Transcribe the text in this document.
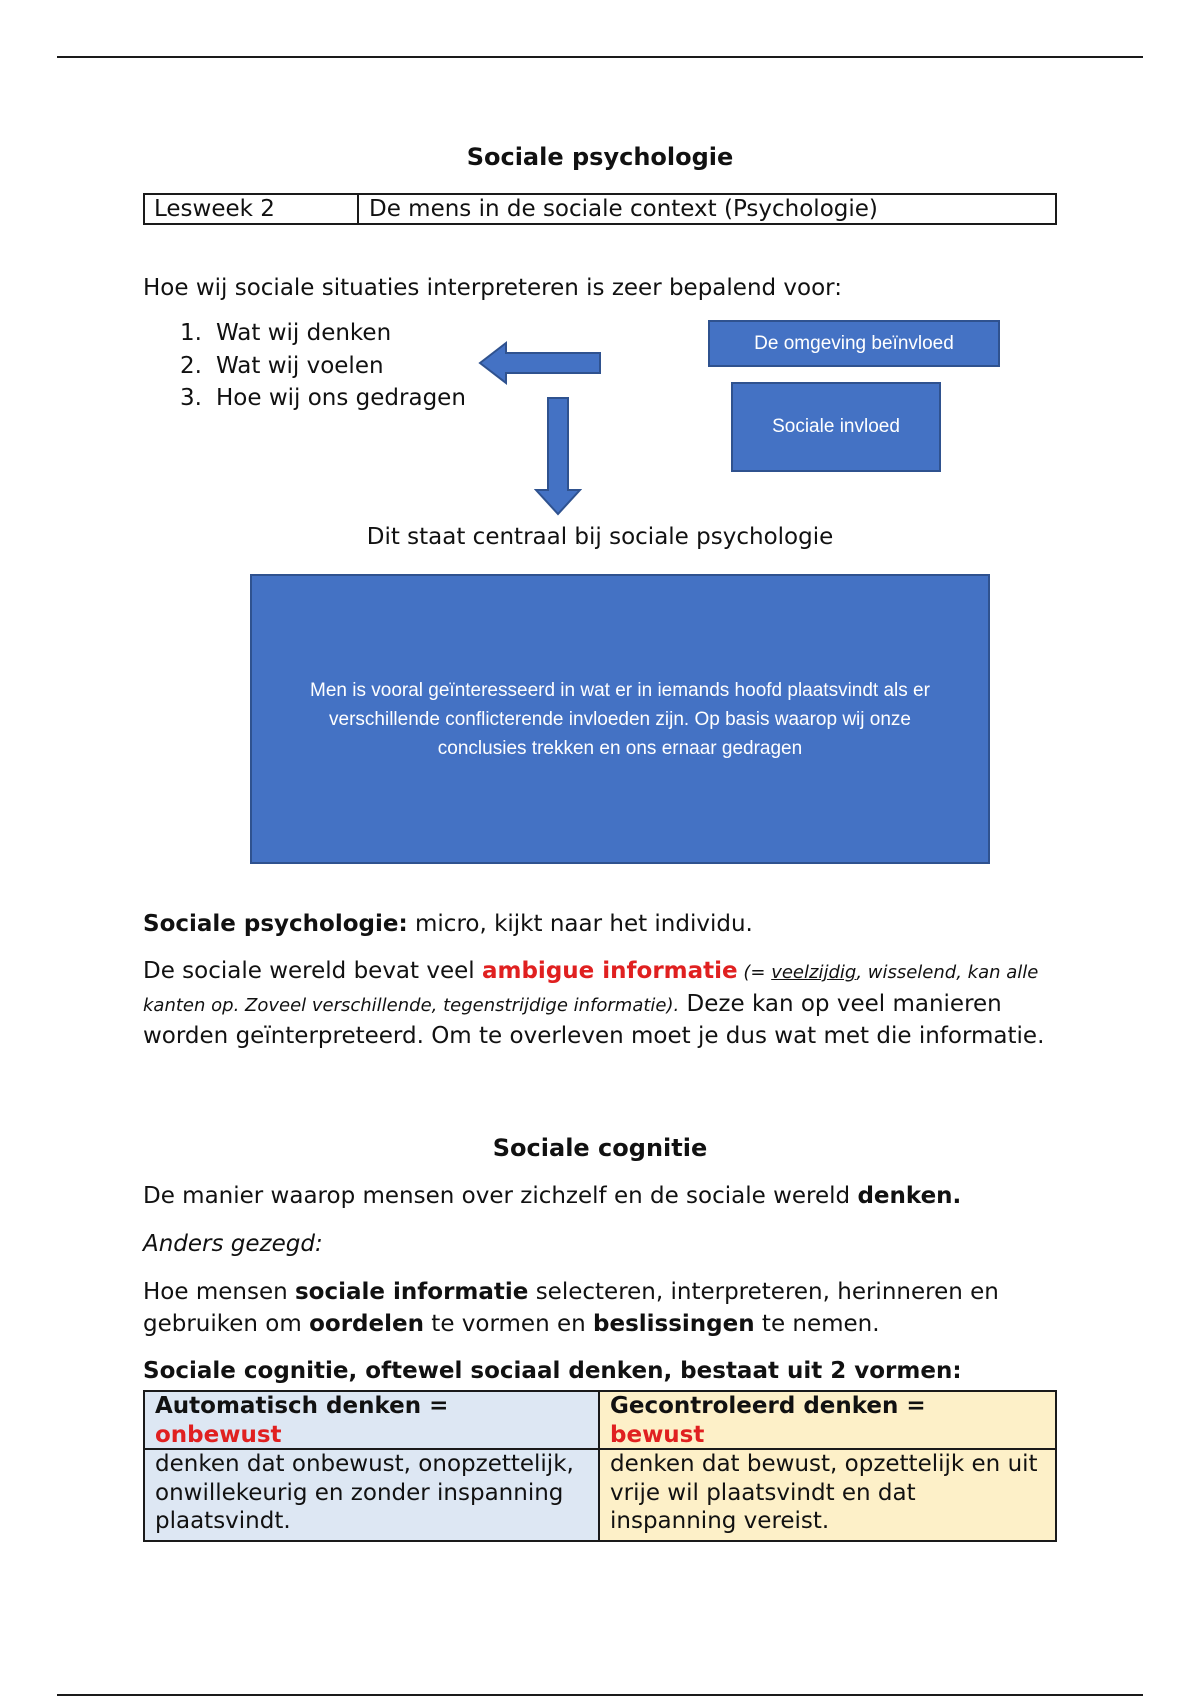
Sociale psychologie
Lesweek 2	De mens in de sociale context (Psychologie)
Hoe wij sociale situaties interpreteren is zeer bepalend voor:
1. Wat wij denken
2. Wat wij voelen
3. Hoe wij ons gedragen
De omgeving beïnvloed
Sociale invloed
Dit staat centraal bij sociale psychologie
Men is vooral geïnteresseerd in wat er in iemands hoofd plaatsvindt als er verschillende conflicterende invloeden zijn. Op basis waarop wij onze conclusies trekken en ons ernaar gedragen
Sociale psychologie: micro, kijkt naar het individu.
De sociale wereld bevat veel ambigue informatie (= veelzijdig, wisselend, kan alle kanten op. Zoveel verschillende, tegenstrijdige informatie). Deze kan op veel manieren worden geïnterpreteerd. Om te overleven moet je dus wat met die informatie.
Sociale cognitie
De manier waarop mensen over zichzelf en de sociale wereld denken.
Anders gezegd:
Hoe mensen sociale informatie selecteren, interpreteren, herinneren en gebruiken om oordelen te vormen en beslissingen te nemen.
Sociale cognitie, oftewel sociaal denken, bestaat uit 2 vormen:
Automatisch denken =
onbewust
denken dat onbewust, onopzettelijk, onwillekeurig en zonder inspanning plaatsvindt.
Gecontroleerd denken =
bewust
denken dat bewust, opzettelijk en uit vrije wil plaatsvindt en dat inspanning vereist.
